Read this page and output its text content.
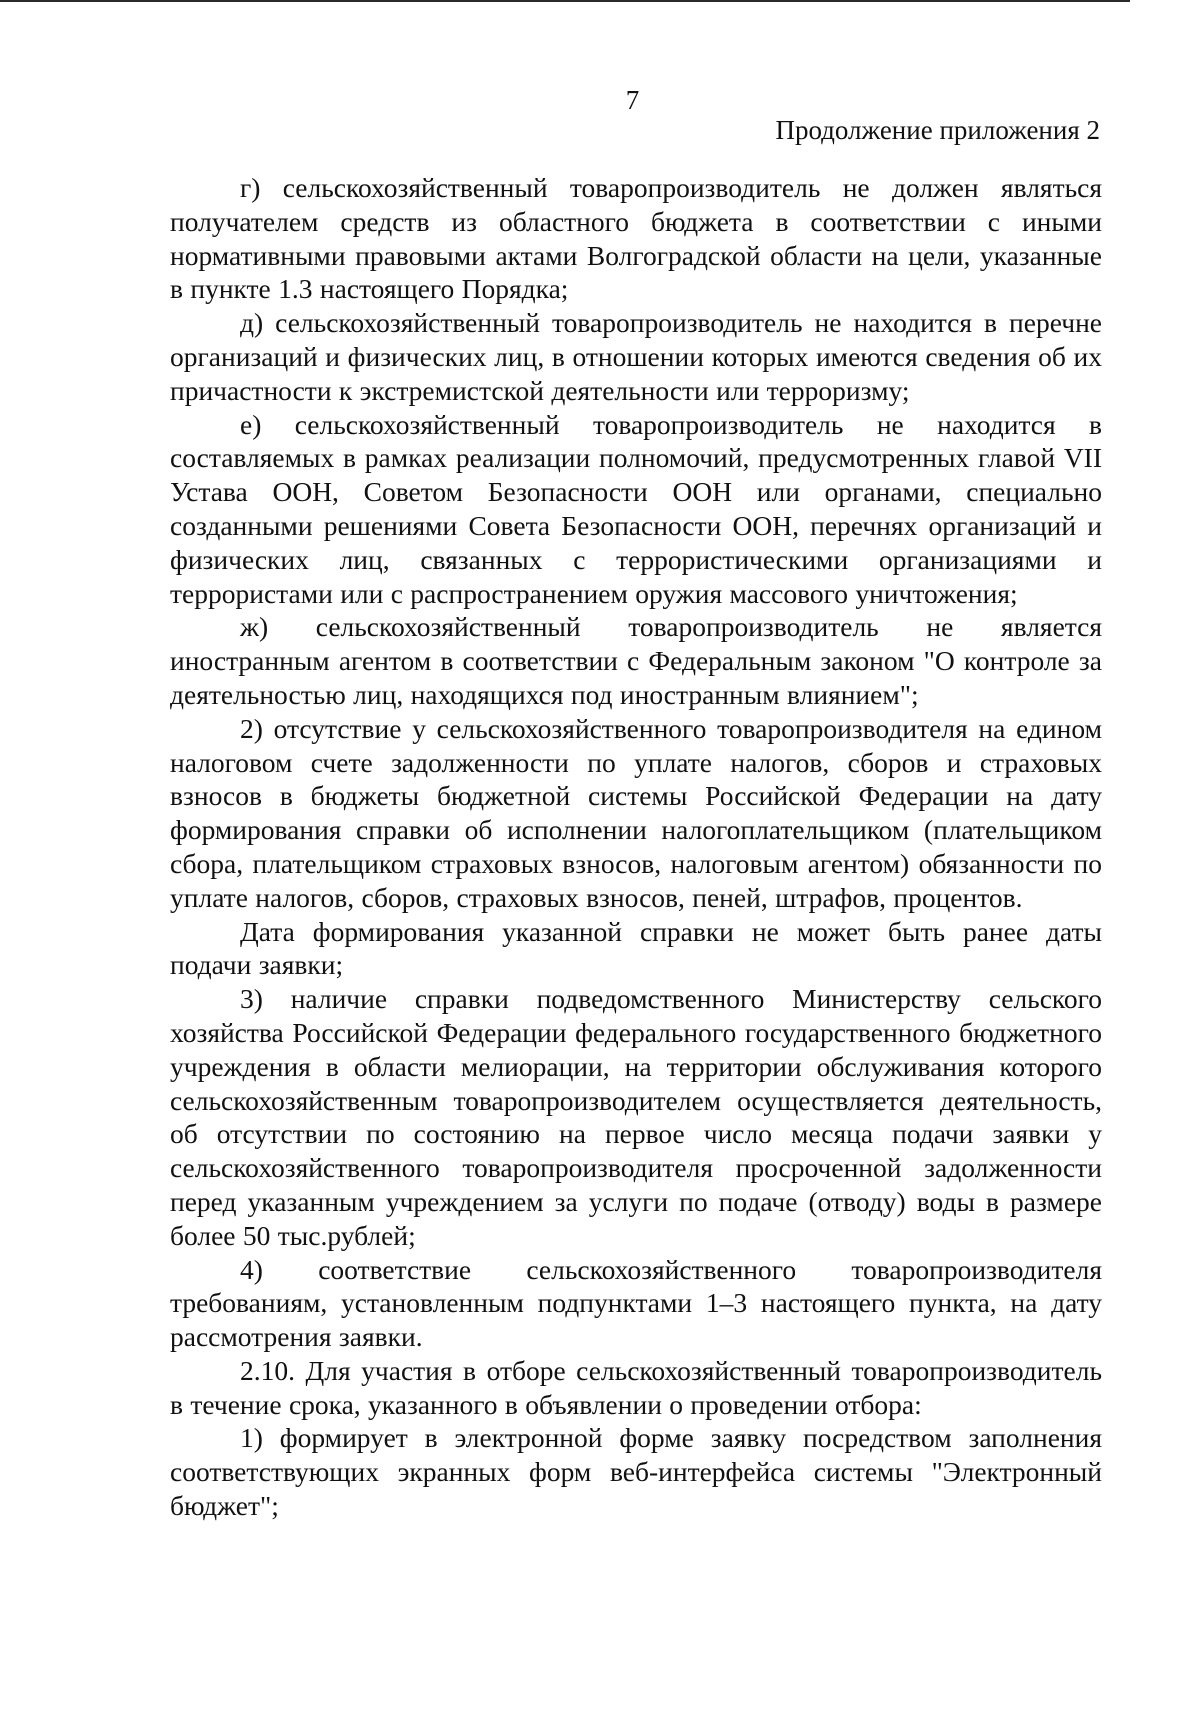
7
Продолжение приложения 2

г) сельскохозяйственный товаропроизводитель не должен являться получателем средств из областного бюджета в соответствии с иными нормативными правовыми актами Волгоградской области на цели, указанные в пункте 1.3 настоящего Порядка;

д) сельскохозяйственный товаропроизводитель не находится в перечне организаций и физических лиц, в отношении которых имеются сведения об их причастности к экстремистской деятельности или терроризму;

е) сельскохозяйственный товаропроизводитель не находится в составляемых в рамках реализации полномочий, предусмотренных главой VII Устава ООН, Советом Безопасности ООН или органами, специально созданными решениями Совета Безопасности ООН, перечнях организаций и физических лиц, связанных с террористическими организациями и террористами или с распространением оружия массового уничтожения;

ж) сельскохозяйственный товаропроизводитель не является иностранным агентом в соответствии с Федеральным законом "О контроле за деятельностью лиц, находящихся под иностранным влиянием";

2) отсутствие у сельскохозяйственного товаропроизводителя на едином налоговом счете задолженности по уплате налогов, сборов и страховых взносов в бюджеты бюджетной системы Российской Федерации на дату формирования справки об исполнении налогоплательщиком (плательщиком сбора, плательщиком страховых взносов, налоговым агентом) обязанности по уплате налогов, сборов, страховых взносов, пеней, штрафов, процентов.

Дата формирования указанной справки не может быть ранее даты подачи заявки;

3) наличие справки подведомственного Министерству сельского хозяйства Российской Федерации федерального государственного бюджетного учреждения в области мелиорации, на территории обслуживания которого сельскохозяйственным товаропроизводителем осуществляется деятельность, об отсутствии по состоянию на первое число месяца подачи заявки у сельскохозяйственного товаропроизводителя просроченной задолженности перед указанным учреждением за услуги по подаче (отводу) воды в размере более 50 тыс.рублей;

4) соответствие сельскохозяйственного товаропроизводителя требованиям, установленным подпунктами 1–3 настоящего пункта, на дату рассмотрения заявки.

2.10. Для участия в отборе сельскохозяйственный товаропроизводитель в течение срока, указанного в объявлении о проведении отбора:

1) формирует в электронной форме заявку посредством заполнения соответствующих экранных форм веб-интерфейса системы "Электронный бюджет";
